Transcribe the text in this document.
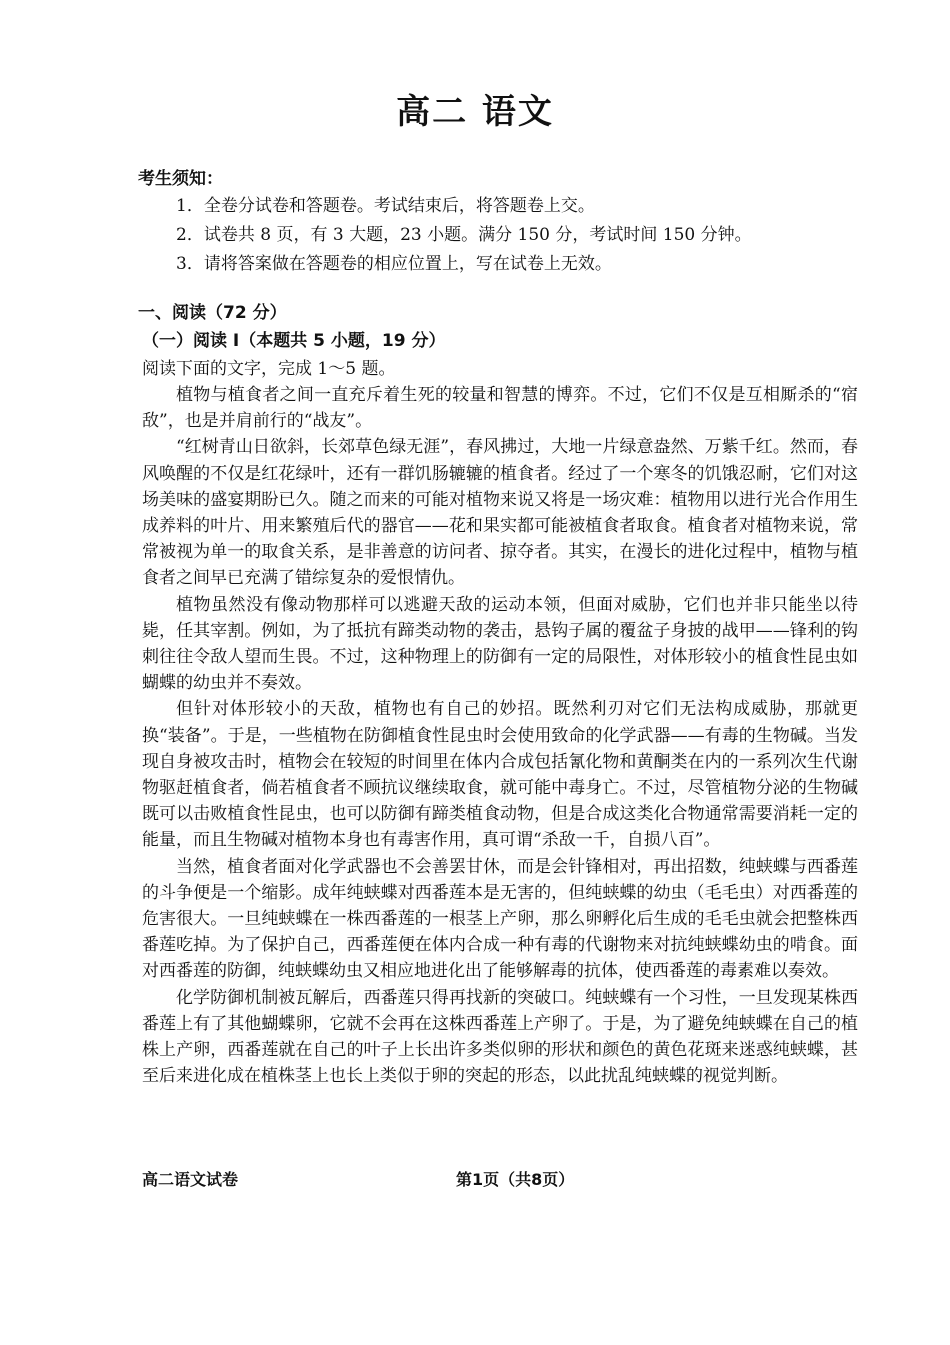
高二 语文
考生须知：
1．全卷分试卷和答题卷。考试结束后，将答题卷上交。
2．试卷共 8 页，有 3 大题，23 小题。满分 150 分，考试时间 150 分钟。
3．请将答案做在答题卷的相应位置上，写在试卷上无效。
一、阅读（72 分）
（一）阅读 I（本题共 5 小题，19 分）
阅读下面的文字，完成 1～5 题。

植物与植食者之间一直充斥着生死的较量和智慧的博弈。不过，它们不仅是互相厮杀的“宿敌”，也是并肩前行的“战友”。

“红树青山日欲斜，长郊草色绿无涯”，春风拂过，大地一片绿意盎然、万紫千红。然而，春风唤醒的不仅是红花绿叶，还有一群饥肠辘辘的植食者。经过了一个寒冬的饥饿忍耐，它们对这场美味的盛宴期盼已久。随之而来的可能对植物来说又将是一场灾难：植物用以进行光合作用生成养料的叶片、用来繁殖后代的器官——花和果实都可能被植食者取食。植食者对植物来说，常常被视为单一的取食关系，是非善意的访问者、掠夺者。其实，在漫长的进化过程中，植物与植食者之间早已充满了错综复杂的爱恨情仇。

植物虽然没有像动物那样可以逃避天敌的运动本领，但面对威胁，它们也并非只能坐以待毙，任其宰割。例如，为了抵抗有蹄类动物的袭击，悬钩子属的覆盆子身披的战甲——锋利的钩刺往往令敌人望而生畏。不过，这种物理上的防御有一定的局限性，对体形较小的植食性昆虫如蝴蝶的幼虫并不奏效。

但针对体形较小的天敌，植物也有自己的妙招。既然利刃对它们无法构成威胁，那就更换“装备”。于是，一些植物在防御植食性昆虫时会使用致命的化学武器——有毒的生物碱。当发现自身被攻击时，植物会在较短的时间里在体内合成包括氰化物和黄酮类在内的一系列次生代谢物驱赶植食者，倘若植食者不顾抗议继续取食，就可能中毒身亡。不过，尽管植物分泌的生物碱既可以击败植食性昆虫，也可以防御有蹄类植食动物，但是合成这类化合物通常需要消耗一定的能量，而且生物碱对植物本身也有毒害作用，真可谓“杀敌一千，自损八百”。

当然，植食者面对化学武器也不会善罢甘休，而是会针锋相对，再出招数，纯蛱蝶与西番莲的斗争便是一个缩影。成年纯蛱蝶对西番莲本是无害的，但纯蛱蝶的幼虫（毛毛虫）对西番莲的危害很大。一旦纯蛱蝶在一株西番莲的一根茎上产卵，那么卵孵化后生成的毛毛虫就会把整株西番莲吃掉。为了保护自己，西番莲便在体内合成一种有毒的代谢物来对抗纯蛱蝶幼虫的啃食。面对西番莲的防御，纯蛱蝶幼虫又相应地进化出了能够解毒的抗体，使西番莲的毒素难以奏效。

化学防御机制被瓦解后，西番莲只得再找新的突破口。纯蛱蝶有一个习性，一旦发现某株西番莲上有了其他蝴蝶卵，它就不会再在这株西番莲上产卵了。于是，为了避免纯蛱蝶在自己的植株上产卵，西番莲就在自己的叶子上长出许多类似卵的形状和颜色的黄色花斑来迷惑纯蛱蝶，甚至后来进化成在植株茎上也长上类似于卵的突起的形态，以此扰乱纯蛱蝶的视觉判断。

高二语文试卷	第1页（共8页）
